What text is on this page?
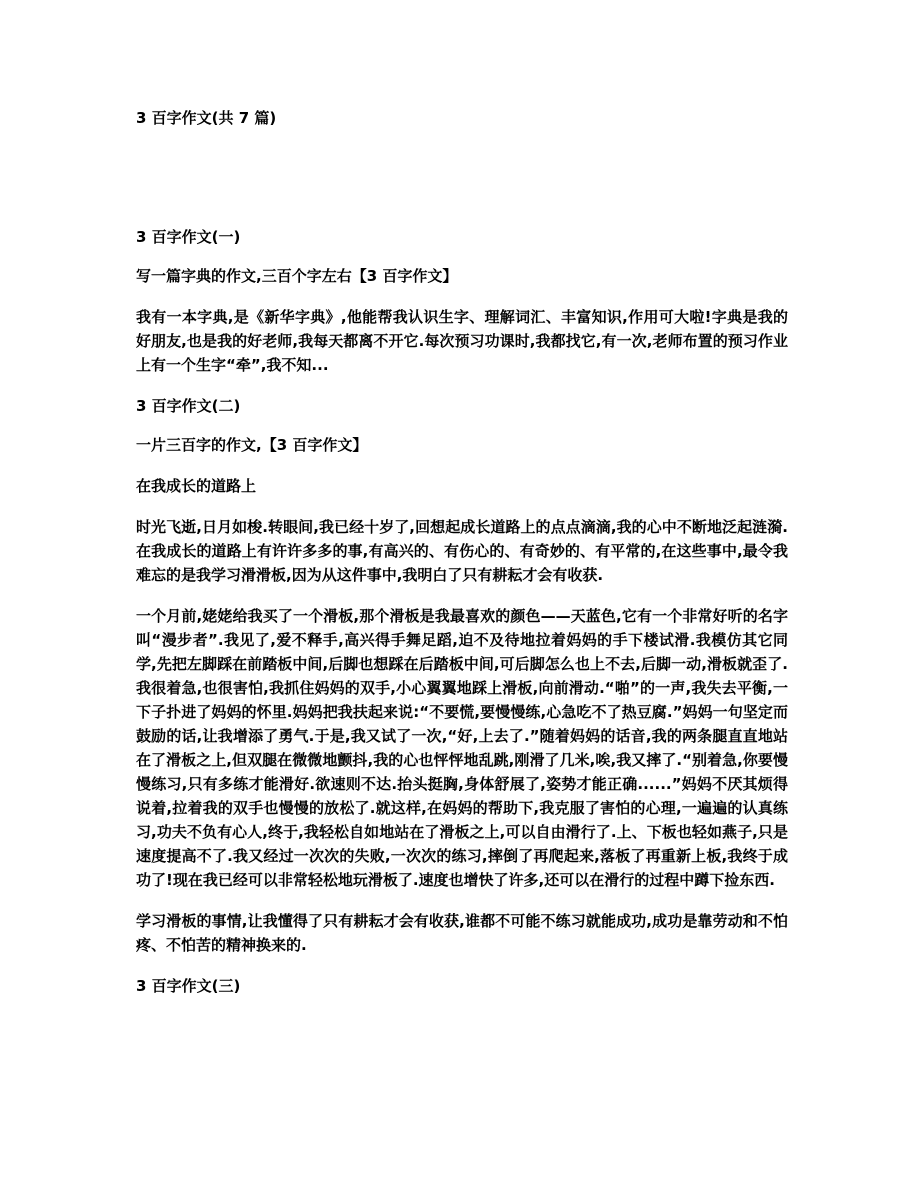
3 百字作文(共 7 篇)

3 百字作文(一)

写一篇字典的作文,三百个字左右【3 百字作文】

我有一本字典,是《新华字典》,他能帮我认识生字、理解词汇、丰富知识,作用可大啦!字典是我的好朋友,也是我的好老师,我每天都离不开它.每次预习功课时,我都找它,有一次,老师布置的预习作业上有一个生字“牵”,我不知...

3 百字作文(二)

一片三百字的作文,【3 百字作文】

在我成长的道路上

时光飞逝,日月如梭.转眼间,我已经十岁了,回想起成长道路上的点点滴滴,我的心中不断地泛起涟漪.在我成长的道路上有许许多多的事,有高兴的、有伤心的、有奇妙的、有平常的,在这些事中,最令我难忘的是我学习滑滑板,因为从这件事中,我明白了只有耕耘才会有收获.

一个月前,姥姥给我买了一个滑板,那个滑板是我最喜欢的颜色——天蓝色,它有一个非常好听的名字叫“漫步者”.我见了,爱不释手,高兴得手舞足蹈,迫不及待地拉着妈妈的手下楼试滑.我模仿其它同学,先把左脚踩在前踏板中间,后脚也想踩在后踏板中间,可后脚怎么也上不去,后脚一动,滑板就歪了.我很着急,也很害怕,我抓住妈妈的双手,小心翼翼地踩上滑板,向前滑动.“啪”的一声,我失去平衡,一下子扑进了妈妈的怀里.妈妈把我扶起来说:“不要慌,要慢慢练,心急吃不了热豆腐.”妈妈一句坚定而鼓励的话,让我增添了勇气.于是,我又试了一次,“好,上去了.”随着妈妈的话音,我的两条腿直直地站在了滑板之上,但双腿在微微地颤抖,我的心也怦怦地乱跳,刚滑了几米,唉,我又摔了.“别着急,你要慢慢练习,只有多练才能滑好.欲速则不达.抬头挺胸,身体舒展了,姿势才能正确......”妈妈不厌其烦得说着,拉着我的双手也慢慢的放松了.就这样,在妈妈的帮助下,我克服了害怕的心理,一遍遍的认真练习,功夫不负有心人,终于,我轻松自如地站在了滑板之上,可以自由滑行了.上、下板也轻如燕子,只是速度提高不了.我又经过一次次的失败,一次次的练习,摔倒了再爬起来,落板了再重新上板,我终于成功了!现在我已经可以非常轻松地玩滑板了.速度也增快了许多,还可以在滑行的过程中蹲下捡东西.

学习滑板的事情,让我懂得了只有耕耘才会有收获,谁都不可能不练习就能成功,成功是靠劳动和不怕疼、不怕苦的精神换来的.

3 百字作文(三)
